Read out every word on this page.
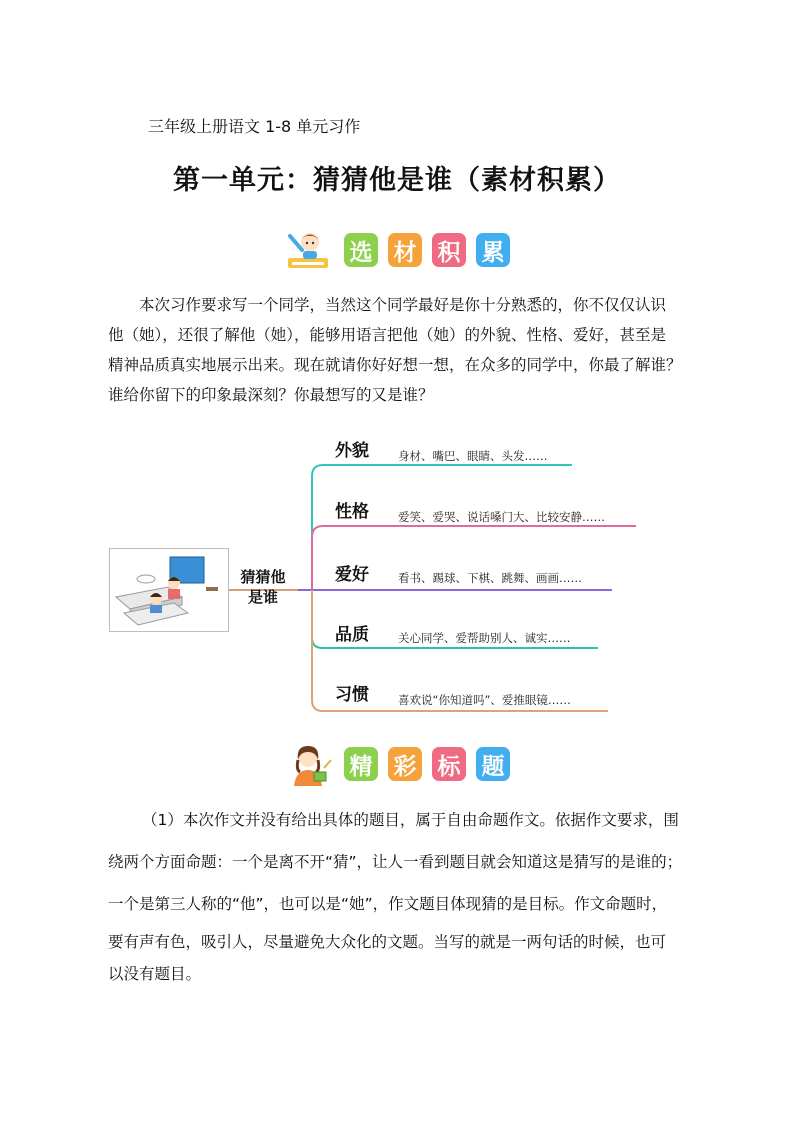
三年级上册语文 1-8 单元习作
第一单元：猜猜他是谁（素材积累）
选 材 积 累
本次习作要求写一个同学，当然这个同学最好是你十分熟悉的，你不仅仅认识
他（她），还很了解他（她），能够用语言把他（她）的外貌、性格、爱好，甚至是
精神品质真实地展示出来。现在就请你好好想一想，在众多的同学中，你最了解谁？
谁给你留下的印象最深刻？你最想写的又是谁？
猜猜他
是谁
外貌	身材、嘴巴、眼睛、头发……
性格	爱笑、爱哭、说话嗓门大、比较安静……
爱好	看书、踢球、下棋、跳舞、画画……
品质	关心同学、爱帮助别人、诚实……
习惯	喜欢说“你知道吗”、爱推眼镜……
精 彩 标 题
（1）本次作文并没有给出具体的题目，属于自由命题作文。依据作文要求，围
绕两个方面命题：一个是离不开“猜”，让人一看到题目就会知道这是猜写的是谁的；
一个是第三人称的“他”，也可以是“她”，作文题目体现猜的是目标。作文命题时，
要有声有色，吸引人，尽量避免大众化的文题。当写的就是一两句话的时候，也可
以没有题目。
